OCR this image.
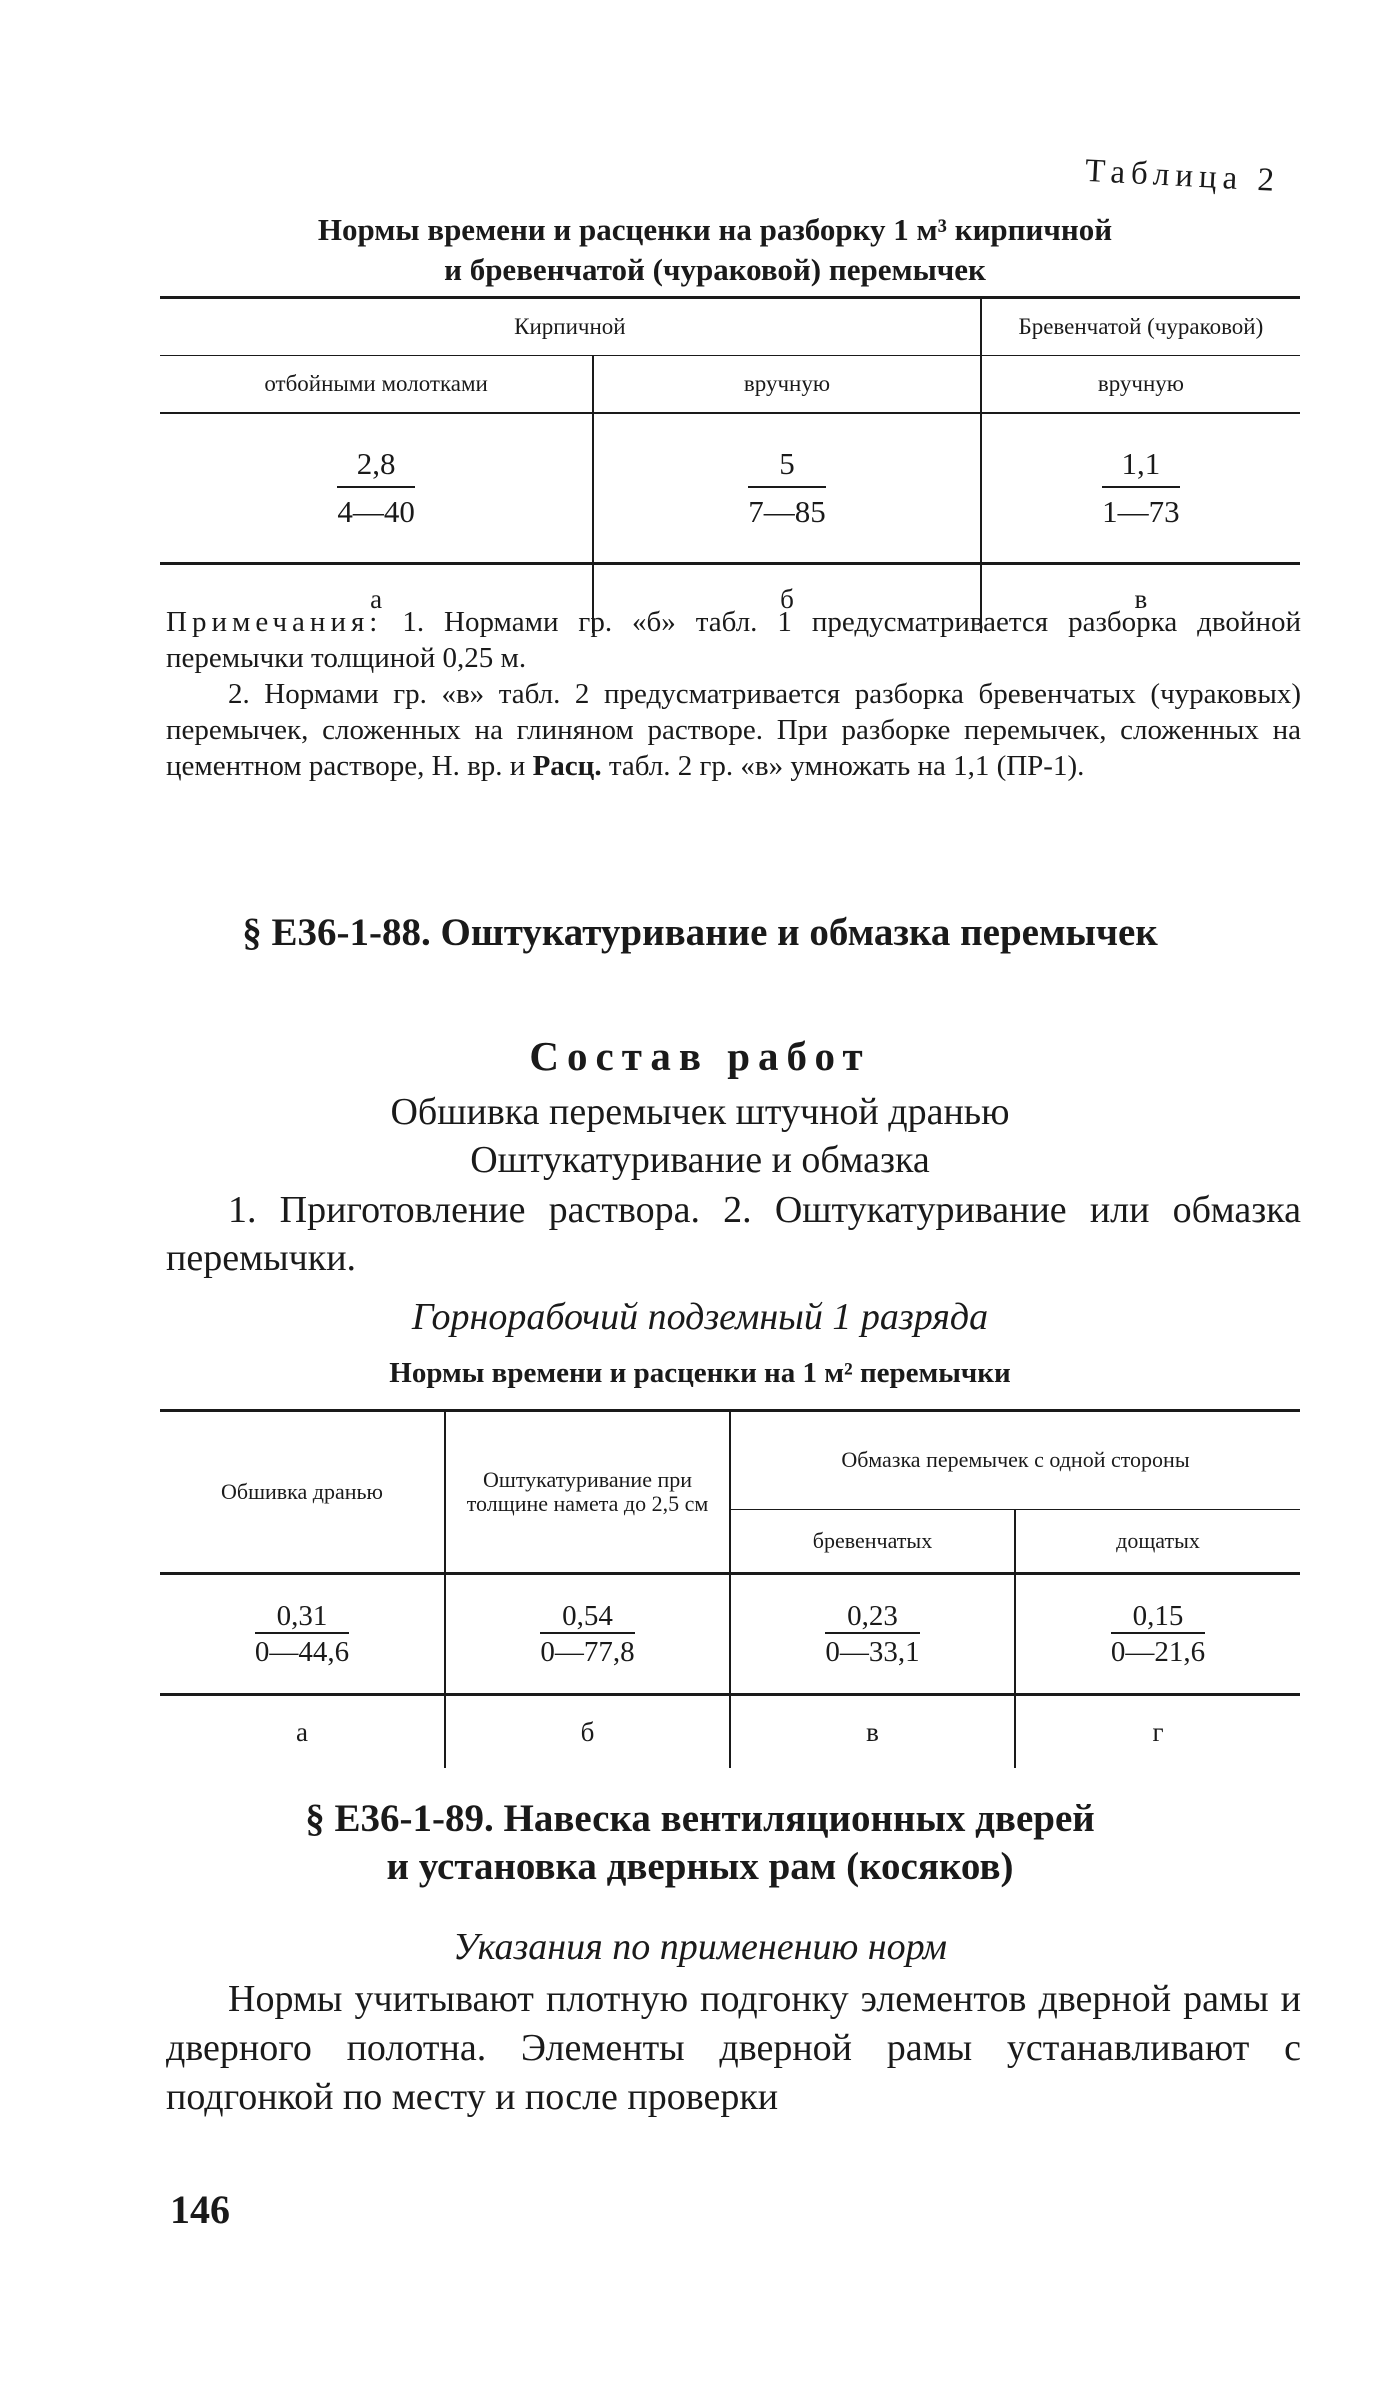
Таблица 2
Нормы времени и расценки на разборку 1 м³ кирпичной
и бревенчатой (чураковой) перемычек
Кирпичной		Бревенчатой (чураковой)
отбойными молотками	вручную	вручную

$\frac{2,8}{4—40}$	$\frac{5}{7—85}$	$\frac{1,1}{1—73}$

а	б	в

Примечания: 1. Нормами гр. «б» табл. 1 предусматривается разборка двойной перемычки толщиной 0,25 м.

2. Нормами гр. «в» табл. 2 предусматривается разборка бревенчатых (чураковых) перемычек, сложенных на глиняном растворе. При разборке перемычек, сложенных на цементном растворе, Н. вр. и Расц. табл. 2 гр. «в» умножать на 1,1 (ПР-1).

§ Е36-1-88. Оштукатуривание и обмазка перемычек
Состав работ
Обшивка перемычек штучной дранью
Оштукатуривание и обмазка
1. Приготовление раствора. 2. Оштукатуривание или обмазка перемычки.
Горнорабочий подземный 1 разряда
Нормы времени и расценки на 1 м² перемычки
Обшивка дранью	Оштукатуривание при толщине намета до 2,5 см	Обмазка перемычек с одной стороны	
		бревенчатых	дощатых

$\frac{0,31}{0—44,6}$	$\frac{0,54}{0—77,8}$	$\frac{0,23}{0—33,1}$	$\frac{0,15}{0—21,6}$

а	б	в	г
§ Е36-1-89. Навеска вентиляционных дверей
и установка дверных рам (косяков)
Указания по применению норм
Нормы учитывают плотную подгонку элементов дверной рамы и дверного полотна. Элементы дверной рамы устанавливают с подгонкой по месту и после проверки
146
